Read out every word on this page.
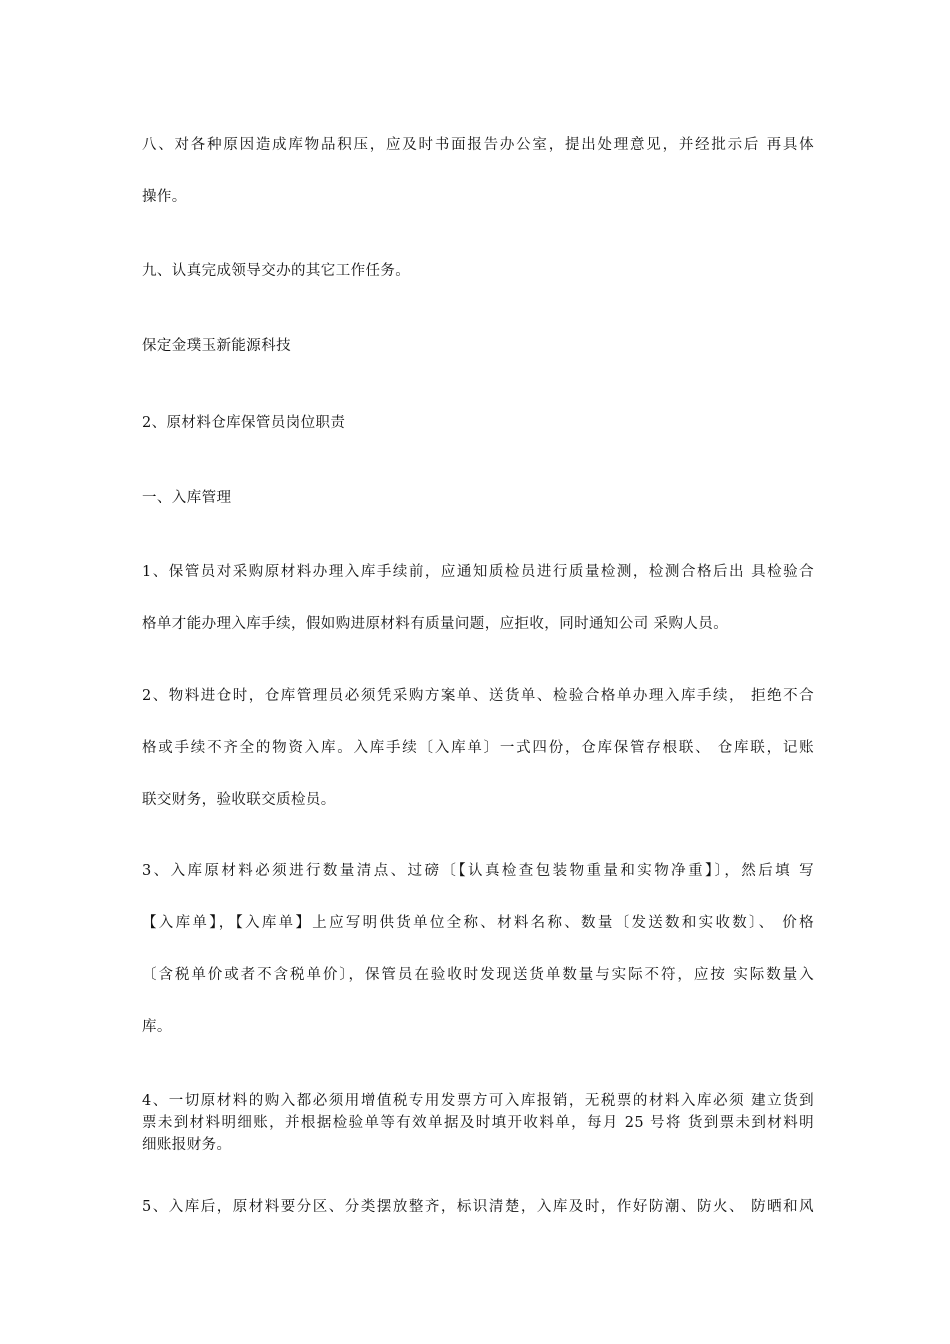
八、对各种原因造成库物品积压，应及时书面报告办公室，提出处理意见，并经批示后 再具体
操作。
九、认真完成领导交办的其它工作任务。
保定金璞玉新能源科技
2、原材料仓库保管员岗位职责
一、入库管理
1、保管员对采购原材料办理入库手续前，应通知质检员进行质量检测，检测合格后出 具检验合
格单才能办理入库手续，假如购进原材料有质量问题，应拒收，同时通知公司 采购人员。
2、物料进仓时，仓库管理员必须凭采购方案单、送货单、检验合格单办理入库手续， 拒绝不合
格或手续不齐全的物资入库。入库手续〔入库单〕一式四份，仓库保管存根联、 仓库联，记账
联交财务，验收联交质检员。
3、入库原材料必须进行数量清点、过磅〔【认真检查包装物重量和实物净重】〕，然后填 写
【入库单】，【入库单】上应写明供货单位全称、材料名称、数量〔发送数和实收数〕、 价格
〔含税单价或者不含税单价〕，保管员在验收时发现送货单数量与实际不符，应按 实际数量入
库。
4、一切原材料的购入都必须用增值税专用发票方可入库报销，无税票的材料入库必须 建立货到
票未到材料明细账，并根据检验单等有效单据及时填开收料单，每月 25 号将 货到票未到材料明
细账报财务。
5、入库后，原材料要分区、分类摆放整齐，标识清楚，入库及时，作好防潮、防火、 防晒和风
